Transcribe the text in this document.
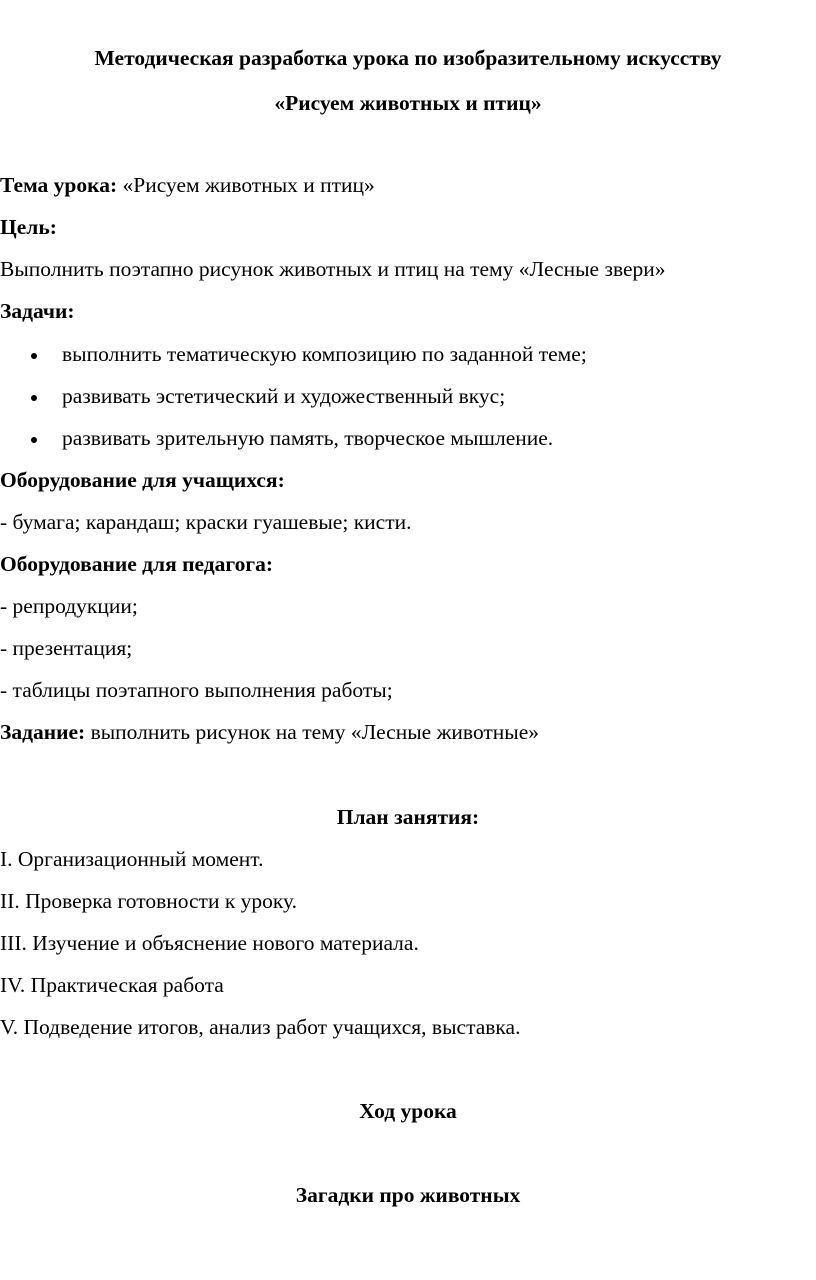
Методическая разработка урока по изобразительному искусству
«Рисуем животных и птиц»
Тема урока: «Рисуем животных и птиц»
Цель:
Выполнить поэтапно рисунок животных и птиц на тему «Лесные звери»
Задачи:
выполнить тематическую композицию по заданной теме;
развивать эстетический и художественный вкус;
развивать зрительную память, творческое мышление.
Оборудование для учащихся:
- бумага; карандаш; краски гуашевые; кисти.
Оборудование для педагога:
- репродукции;
- презентация;
- таблицы поэтапного выполнения работы;
Задание: выполнить рисунок на тему «Лесные животные»
План занятия:
I. Организационный момент.
II. Проверка готовности к уроку.
III. Изучение и объяснение нового материала.
IV. Практическая работа
V. Подведение итогов, анализ работ учащихся, выставка.
Ход урока
Загадки про животных
